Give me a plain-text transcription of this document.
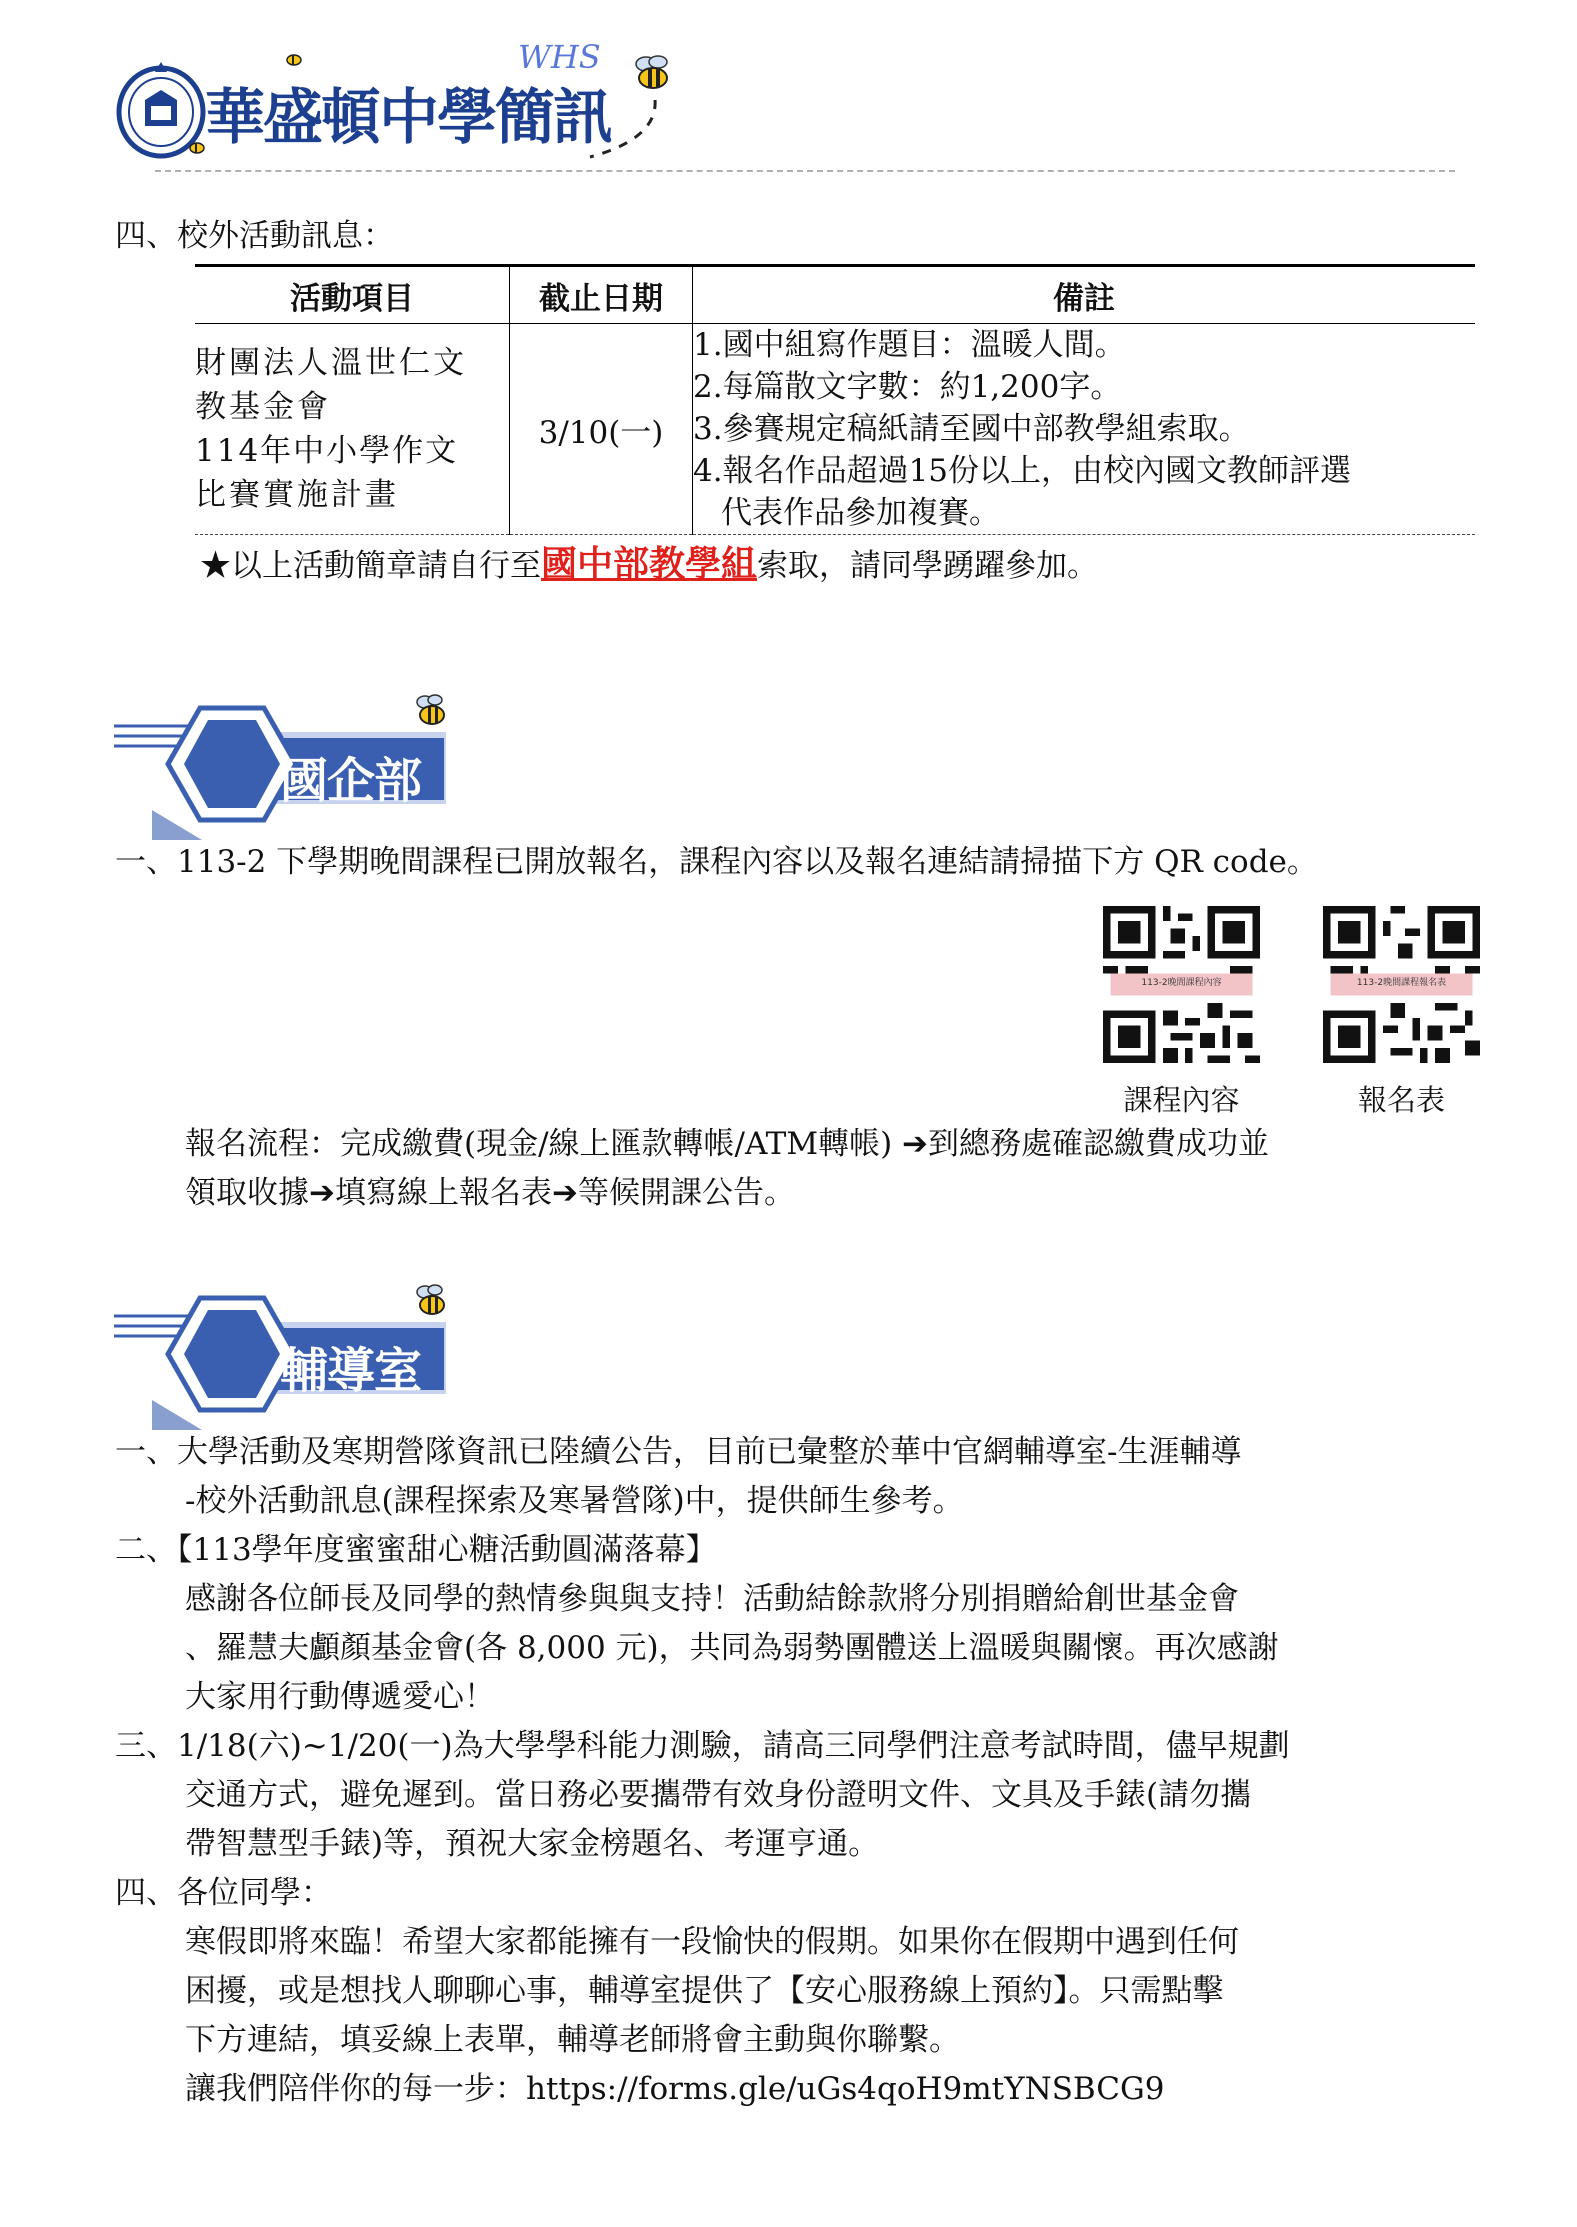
華盛頓中學簡訊
WHS
四、校外活動訊息：
活動項目	截止日期	備註

財團法人溫世仁文
教基金會
114年中小學作文
比賽實施計畫	3/10(一)	1.國中組寫作題目：溫暖人間。
2.每篇散文字數：約1,200字。
3.參賽規定稿紙請至國中部教學組索取。
4.報名作品超過15份以上，由校內國文教師評選
代表作品參加複賽。
★以上活動簡章請自行至國中部教學組索取，請同學踴躍參加。
國企部
一、113-2 下學期晚間課程已開放報名，課程內容以及報名連結請掃描下方 QR code。
113-2晚間課程內容	113-2晚間課程報名表
課程內容	報名表
報名流程：完成繳費(現金/線上匯款轉帳/ATM轉帳) ➔到總務處確認繳費成功並
領取收據➔填寫線上報名表➔等候開課公告。
輔導室
一、大學活動及寒期營隊資訊已陸續公告，目前已彙整於華中官網輔導室-生涯輔導
-校外活動訊息(課程探索及寒暑營隊)中，提供師生參考。
二、【113學年度蜜蜜甜心糖活動圓滿落幕】
感謝各位師長及同學的熱情參與與支持！活動結餘款將分別捐贈給創世基金會
、羅慧夫顱顏基金會(各 8,000 元)，共同為弱勢團體送上溫暖與關懷。再次感謝
大家用行動傳遞愛心！
三、1/18(六)~1/20(一)為大學學科能力測驗，請高三同學們注意考試時間，儘早規劃
交通方式，避免遲到。當日務必要攜帶有效身份證明文件、文具及手錶(請勿攜
帶智慧型手錶)等，預祝大家金榜題名、考運亨通。
四、各位同學：
寒假即將來臨！希望大家都能擁有一段愉快的假期。如果你在假期中遇到任何
困擾，或是想找人聊聊心事，輔導室提供了【安心服務線上預約】。只需點擊
下方連結，填妥線上表單，輔導老師將會主動與你聯繫。
讓我們陪伴你的每一步：https://forms.gle/uGs4qoH9mtYNSBCG9
